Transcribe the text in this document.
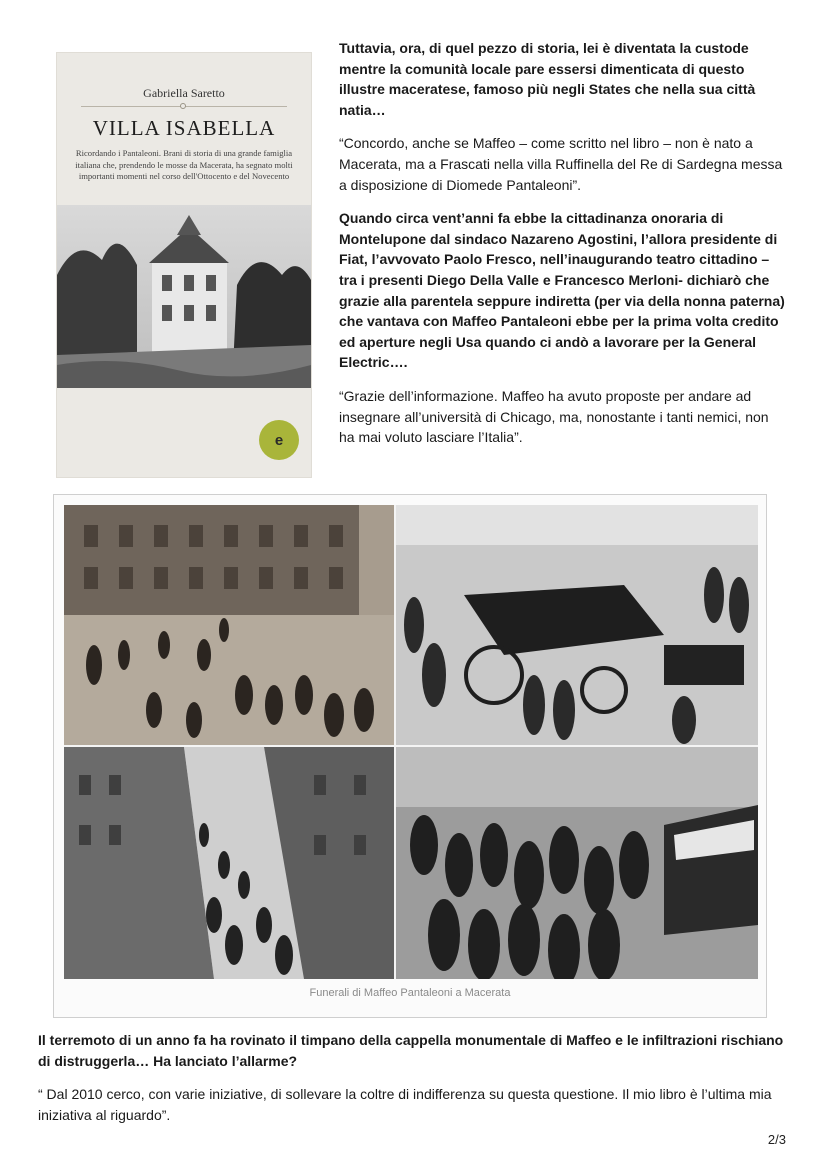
Gabriella Saretto
VILLA ISABELLA
Ricordando i Pantaleoni. Brani di storia di una grande famiglia italiana che, prendendo le mosse da Macerata, ha segnato molti importanti momenti nel corso dell'Ottocento e del Novecento
e

Tuttavia, ora, di quel pezzo di storia, lei è diventata la custode mentre la comunità locale pare essersi dimenticata di questo illustre maceratese, famoso più negli States che nella sua città natia…

“Concordo, anche se Maffeo – come scritto nel libro – non è nato a Macerata, ma a Frascati nella villa Ruffinella del Re di Sardegna messa a disposizione di Diomede Pantaleoni”.

Quando circa vent’anni fa ebbe la cittadinanza onoraria di Montelupone dal sindaco Nazareno Agostini, l’allora presidente di Fiat, l’avvovato Paolo Fresco, nell’inaugurando teatro cittadino – tra i presenti Diego Della Valle e Francesco Merloni- dichiarò che grazie alla parentela seppure indiretta (per via della nonna paterna) che vantava con Maffeo Pantaleoni ebbe per la prima volta credito ed aperture negli Usa quando ci andò a lavorare per la General Electric….

“Grazie dell’informazione. Maffeo ha avuto proposte per andare ad insegnare all’università di Chicago, ma, nonostante i tanti nemici, non ha mai voluto lasciare l’Italia”.

Funerali di Maffeo Pantaleoni a Macerata

Il terremoto di un anno fa ha rovinato il timpano della cappella monumentale di Maffeo e le infiltrazioni rischiano di distruggerla… Ha lanciato l’allarme?

“ Dal 2010 cerco, con varie iniziative, di sollevare la coltre di indifferenza su questa questione. Il mio libro è l’ultima mia iniziativa al riguardo”.

2/3
